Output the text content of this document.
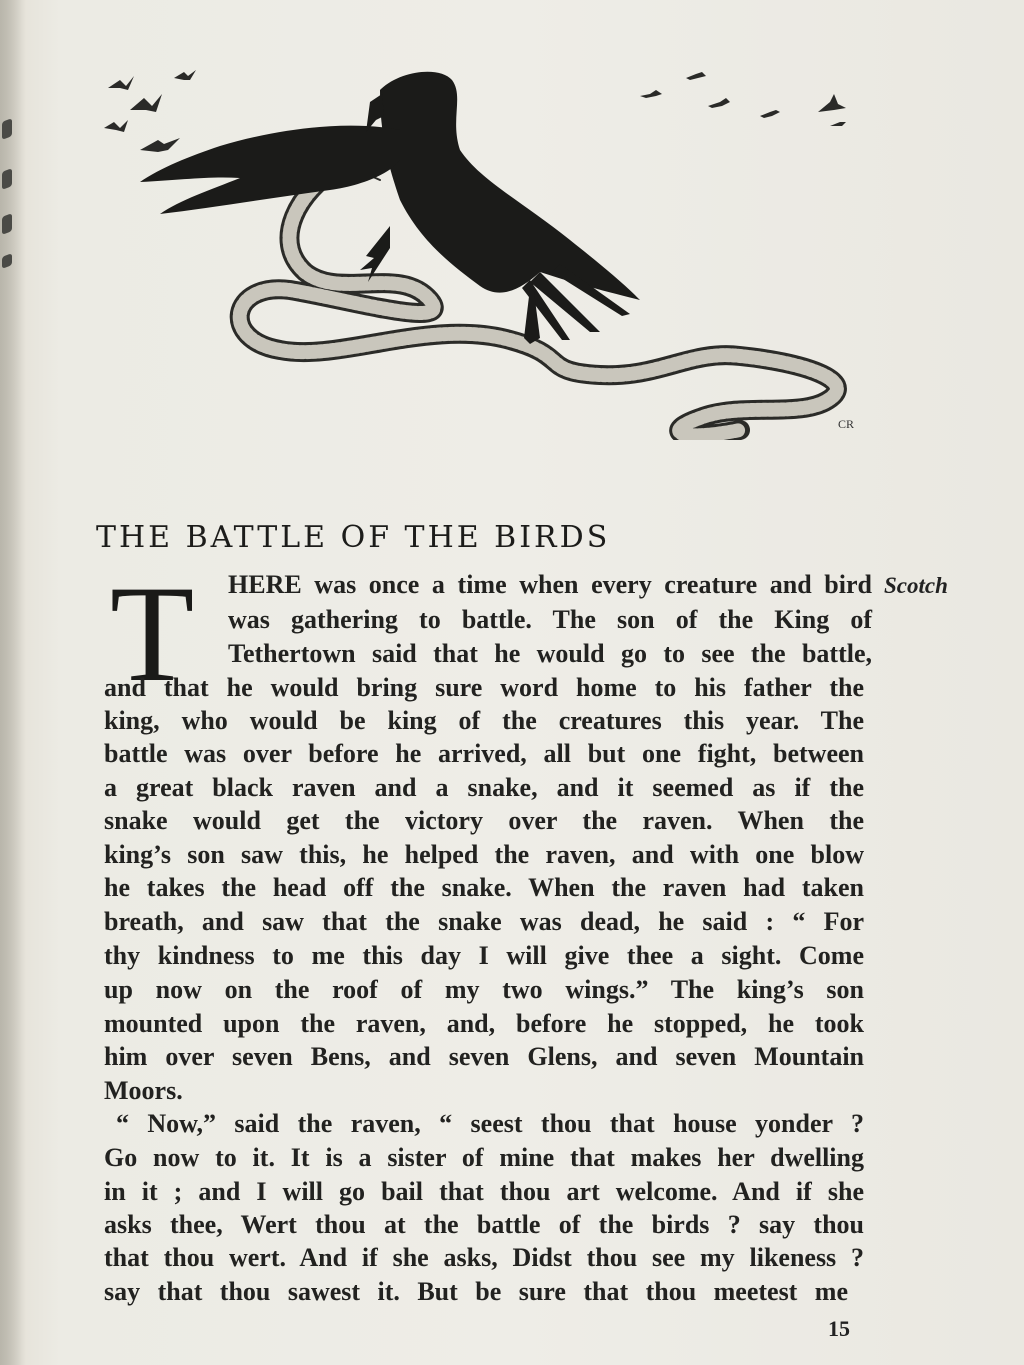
CR
THE BATTLE OF THE BIRDS
T	Scotch
HERE was once a time when every creature and bird
was gathering to battle. The son of the King of
Tethertown said that he would go to see the battle,
and that he would bring sure word home to his father the
king, who would be king of the creatures this year. The
battle was over before he arrived, all but one fight, between
a great black raven and a snake, and it seemed as if the
snake would get the victory over the raven. When the
king’s son saw this, he helped the raven, and with one blow
he takes the head off the snake. When the raven had taken
breath, and saw that the snake was dead, he said : “ For
thy kindness to me this day I will give thee a sight. Come
up now on the roof of my two wings.” The king’s son
mounted upon the raven, and, before he stopped, he took
him over seven Bens, and seven Glens, and seven Mountain
Moors.
“ Now,” said the raven, “ seest thou that house yonder ?
Go now to it. It is a sister of mine that makes her dwelling
in it ; and I will go bail that thou art welcome. And if she
asks thee, Wert thou at the battle of the birds ? say thou
that thou wert. And if she asks, Didst thou see my likeness ?
say that thou sawest it. But be sure that thou meetest me
15
